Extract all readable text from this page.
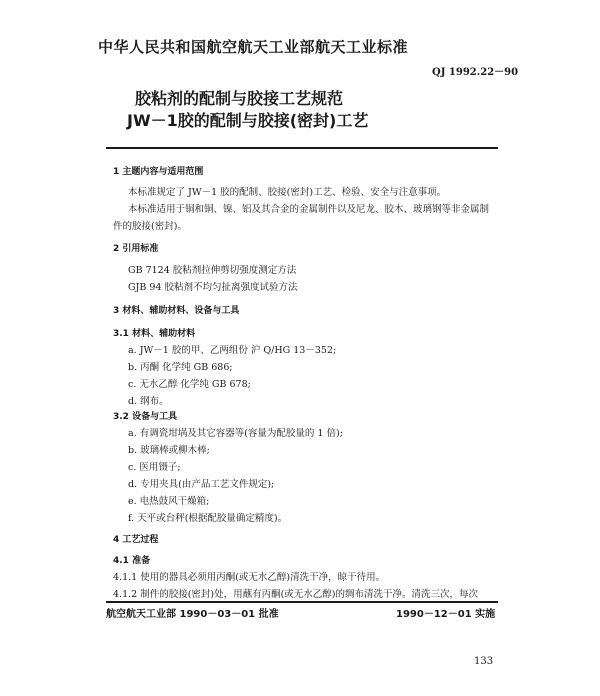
中华人民共和国航空航天工业部航天工业标准
QJ 1992.22－90
胶粘剂的配制与胶接工艺规范
JW－1胶的配制与胶接(密封)工艺
1 主题内容与适用范围
本标准规定了 JW－1 胶的配制、胶接(密封)工艺、检验、安全与注意事项。
本标准适用于铜和铜、镍、铝及其合金的金属制件以及尼龙、胶木、玻璃钢等非金属制
件的胶接(密封)。
2 引用标准
GB 7124 胶粘剂拉伸剪切强度测定方法
GJB 94 胶粘剂不均匀扯离强度试验方法
3 材料、辅助材料、设备与工具
3.1 材料、辅助材料
a. JW－1 胶的甲、乙两组份 沪 Q/HG 13－352;
b. 丙酮 化学纯 GB 686;
c. 无水乙醇 化学纯 GB 678;
d. 纲布。
3.2 设备与工具
a. 有调瓷坩埚及其它容器等(容量为配胶量的 1 倍);
b. 玻璃棒或柳木棒;
c. 医用镊子;
d. 专用夹具(由产品工艺文件规定);
e. 电热鼓风干燥箱;
f. 天平或台秤(根据配胶量确定精度)。
4 工艺过程
4.1 准备
4.1.1 使用的器具必须用丙酮(或无水乙醇)清洗干净，晾干待用。
4.1.2 制件的胶接(密封)处，用蘸有丙酮(或无水乙醇)的绸布清洗干净。清洗三次，每次
航空航天工业部 1990－03－01 批准	1990－12－01 实施
133
